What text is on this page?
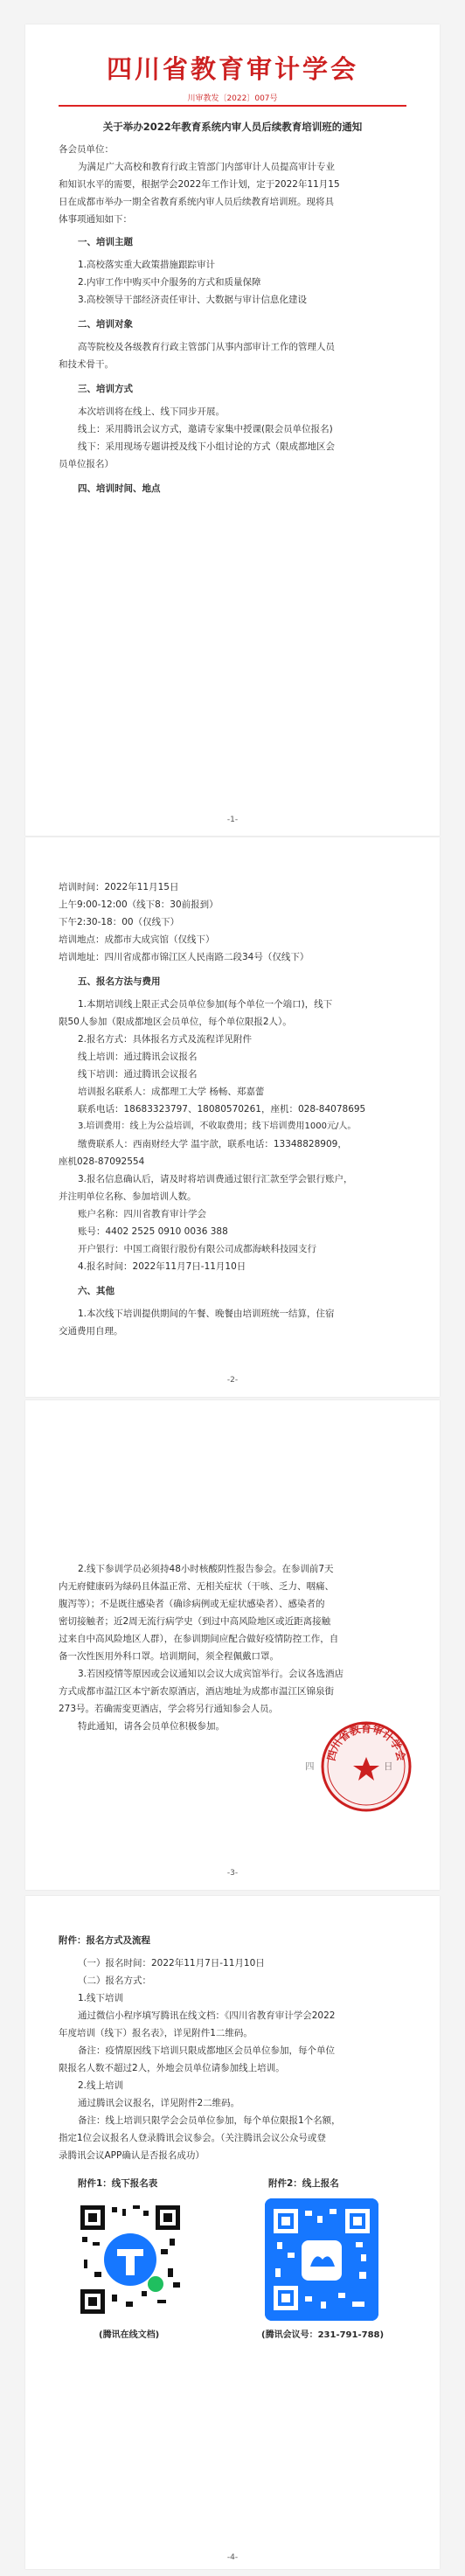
四川省教育审计学会
川审教发〔2022〕007号
关于举办2022年教育系统内审人员后续教育培训班的通知
各会员单位：
为满足广大高校和教育行政主管部门内部审计人员提高审计专业
和知识水平的需要，根据学会2022年工作计划，定于2022年11月15
日在成都市举办一期全省教育系统内审人员后续教育培训班。现将具
体事项通知如下：
一、培训主题
1.高校落实重大政策措施跟踪审计
2.内审工作中购买中介服务的方式和质量保障
3.高校领导干部经济责任审计、大数据与审计信息化建设
二、培训对象
高等院校及各级教育行政主管部门从事内部审计工作的管理人员
和技术骨干。
三、培训方式
本次培训将在线上、线下同步开展。
线上：采用腾讯会议方式，邀请专家集中授课(限会员单位报名)
线下：采用现场专题讲授及线下小组讨论的方式（限成都地区会
员单位报名）
四、培训时间、地点
-1-
培训时间：2022年11月15日
上午9:00-12:00（线下8：30前报到）
下午2:30-18：00（仅线下）
培训地点：成都市大成宾馆（仅线下）
培训地址：四川省成都市锦江区人民南路二段34号（仅线下）
五、报名方法与费用
1.本期培训线上限正式会员单位参加(每个单位一个端口)，线下
限50人参加（限成都地区会员单位，每个单位限报2人）。
2.报名方式：具体报名方式及流程详见附件
线上培训：通过腾讯会议报名
线下培训：通过腾讯会议报名
培训报名联系人：成都理工大学 杨畅、郑嘉蕾
联系电话：18683323797、18080570261，座机：028-84078695
3.培训费用：线上为公益培训，不收取费用；线下培训费用1000元/人。
缴费联系人：西南财经大学 温宇歆，联系电话：13348828909，
座机028-87092554
3.报名信息确认后，请及时将培训费通过银行汇款至学会银行账户，
并注明单位名称、参加培训人数。
账户名称：四川省教育审计学会
账号：4402 2525 0910 0036 388
开户银行：中国工商银行股份有限公司成都海峡科技园支行
4.报名时间：2022年11月7日-11月10日
六、其他
1.本次线下培训提供期间的午餐、晚餐由培训班统一结算，住宿
交通费用自理。
-2-
2.线下参训学员必须持48小时核酸阴性报告参会。在参训前7天
内无府健康码为绿码且体温正常、无相关症状（干咳、乏力、咽痛、
腹泻等）；不是既往感染者（确诊病例或无症状感染者）、感染者的
密切接触者；近2周无流行病学史（到过中高风险地区或近距离接触
过来自中高风险地区人群），在参训期间应配合做好疫情防控工作，自
备一次性医用外科口罩。培训期间，须全程佩戴口罩。
3.若因疫情等原因或会议通知以会议大成宾馆举行。会议各选酒店
方式成都市温江区本宁新农原酒店，酒店地址为成都市温江区锦泉街
273号。若确需变更酒店，学会将另行通知参会人员。
特此通知，请各会员单位积极参加。
四
四川省教育审计学会
-3-
附件：报名方式及流程
（一）报名时间：2022年11月7日-11月10日
（二）报名方式：
1.线下培训
通过微信小程序填写腾讯在线文档：《四川省教育审计学会2022
年度培训（线下）报名表》，详见附件1二维码。
备注：疫情原因线下培训只限成都地区会员单位参加，每个单位
限报名人数不超过2人，外地会员单位请参加线上培训。
2.线上培训
通过腾讯会议报名，详见附件2二维码。
备注：线上培训只限学会会员单位参加，每个单位限报1个名额，
指定1位会议报名人登录腾讯会议参会。（关注腾讯会议公众号或登
录腾讯会议APP确认是否报名成功）
附件1：线下报名表	附件2：线上报名
(腾讯在线文档)	(腾讯会议号：231-791-788)
-4-
